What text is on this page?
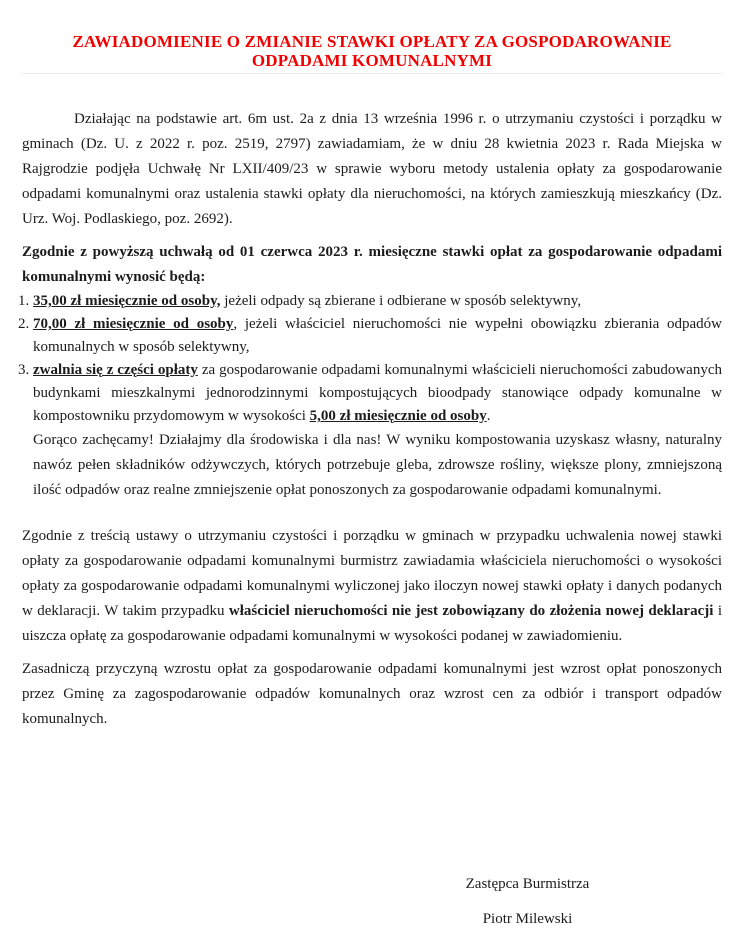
ZAWIADOMIENIE O ZMIANIE STAWKI OPŁATY ZA GOSPODAROWANIE
ODPADAMI KOMUNALNYMI

Działając na podstawie art. 6m ust. 2a z dnia 13 września 1996 r. o utrzymaniu czystości i porządku w gminach (Dz. U. z 2022 r. poz. 2519, 2797) zawiadamiam, że w dniu 28 kwietnia 2023 r. Rada Miejska w Rajgrodzie podjęła Uchwałę Nr LXII/409/23 w sprawie wyboru metody ustalenia opłaty za gospodarowanie odpadami komunalnymi oraz ustalenia stawki opłaty dla nieruchomości, na których zamieszkują mieszkańcy (Dz. Urz. Woj. Podlaskiego, poz. 2692).

Zgodnie z powyższą uchwałą od 01 czerwca 2023 r. miesięczne stawki opłat za gospodarowanie odpadami komunalnymi wynosić będą:

1. 35,00 zł miesięcznie od osoby, jeżeli odpady są zbierane i odbierane w sposób selektywny,
2. 70,00 zł miesięcznie od osoby, jeżeli właściciel nieruchomości nie wypełni obowiązku zbierania odpadów komunalnych w sposób selektywny,
3. zwalnia się z części opłaty za gospodarowanie odpadami komunalnymi właścicieli nieruchomości zabudowanych budynkami mieszkalnymi jednorodzinnymi kompostujących bioodpady stanowiące odpady komunalne w kompostowniku przydomowym w wysokości 5,00 zł miesięcznie od osoby.

Gorąco zachęcamy! Działajmy dla środowiska i dla nas! W wyniku kompostowania uzyskasz własny, naturalny nawóz pełen składników odżywczych, których potrzebuje gleba, zdrowsze rośliny, większe plony, zmniejszoną ilość odpadów oraz realne zmniejszenie opłat ponoszonych za gospodarowanie odpadami komunalnymi.

Zgodnie z treścią ustawy o utrzymaniu czystości i porządku w gminach w przypadku uchwalenia nowej stawki opłaty za gospodarowanie odpadami komunalnymi burmistrz zawiadamia właściciela nieruchomości o wysokości opłaty za gospodarowanie odpadami komunalnymi wyliczonej jako iloczyn nowej stawki opłaty i danych podanych w deklaracji. W takim przypadku właściciel nieruchomości nie jest zobowiązany do złożenia nowej deklaracji i uiszcza opłatę za gospodarowanie odpadami komunalnymi w wysokości podanej w zawiadomieniu.

Zasadniczą przyczyną wzrostu opłat za gospodarowanie odpadami komunalnymi jest wzrost opłat ponoszonych przez Gminę za zagospodarowanie odpadów komunalnych oraz wzrost cen za odbiór i transport odpadów komunalnych.

Zastępca Burmistrza
Piotr Milewski
